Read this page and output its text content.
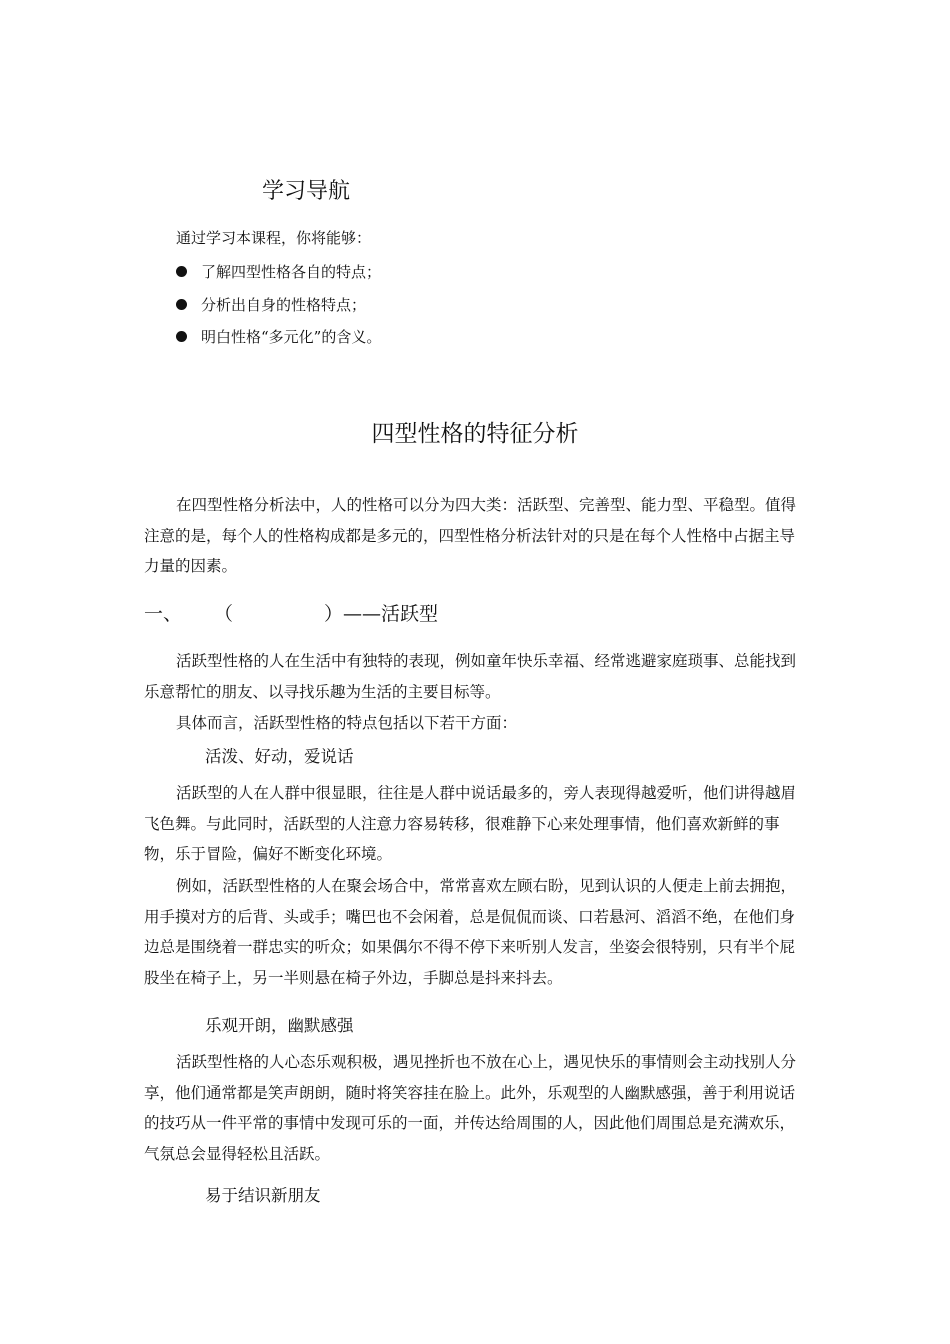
学习导航
通过学习本课程，你将能够：
了解四型性格各自的特点；
分析出自身的性格特点；
明白性格“多元化”的含义。
四型性格的特征分析
在四型性格分析法中，人的性格可以分为四大类：活跃型、完善型、能力型、平稳型。值得注意的是，每个人的性格构成都是多元的，四型性格分析法针对的只是在每个人性格中占据主导力量的因素。
一、 （	）——活跃型
活跃型性格的人在生活中有独特的表现，例如童年快乐幸福、经常逃避家庭琐事、总能找到乐意帮忙的朋友、以寻找乐趣为生活的主要目标等。
具体而言，活跃型性格的特点包括以下若干方面：
活泼、好动，爱说话
活跃型的人在人群中很显眼，往往是人群中说话最多的，旁人表现得越爱听，他们讲得越眉飞色舞。与此同时，活跃型的人注意力容易转移，很难静下心来处理事情，他们喜欢新鲜的事物，乐于冒险，偏好不断变化环境。
例如，活跃型性格的人在聚会场合中，常常喜欢左顾右盼，见到认识的人便走上前去拥抱，用手摸对方的后背、头或手；嘴巴也不会闲着，总是侃侃而谈、口若悬河、滔滔不绝，在他们身边总是围绕着一群忠实的听众；如果偶尔不得不停下来听别人发言，坐姿会很特别，只有半个屁股坐在椅子上，另一半则悬在椅子外边，手脚总是抖来抖去。
乐观开朗，幽默感强
活跃型性格的人心态乐观积极，遇见挫折也不放在心上，遇见快乐的事情则会主动找别人分享，他们通常都是笑声朗朗，随时将笑容挂在脸上。此外，乐观型的人幽默感强，善于利用说话的技巧从一件平常的事情中发现可乐的一面，并传达给周围的人，因此他们周围总是充满欢乐，气氛总会显得轻松且活跃。
易于结识新朋友
